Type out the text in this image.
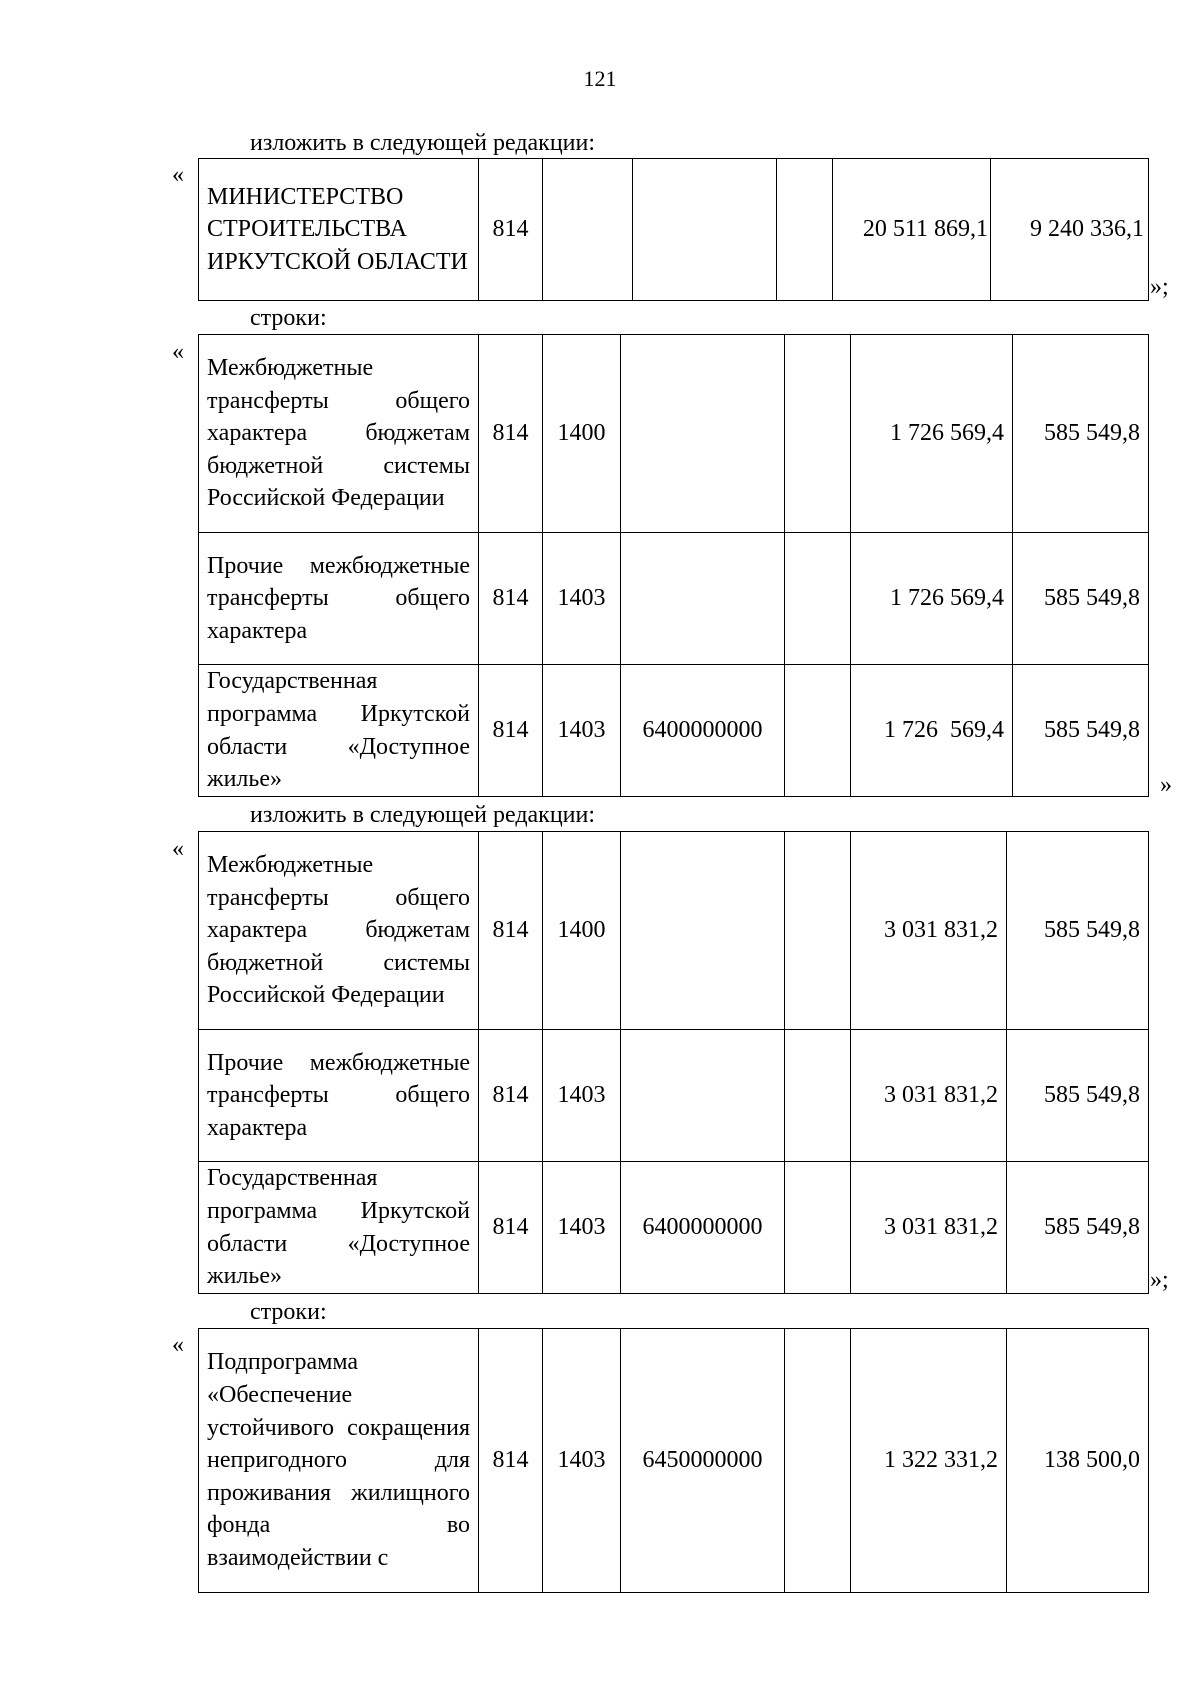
121
изложить в следующей редакции:
«
МИНИСТЕРСТВО СТРОИТЕЛЬСТВА ИРКУТСКОЙ ОБЛАСТИ	814				20 511 869,1	9 240 336,1
»;
строки:
«
Межбюджетные трансферты общего характера бюджетам бюджетной системы Российской Федерации	814	1400			1 726 569,4	585 549,8
Прочие межбюджетные трансферты общего характера	814	1403			1 726 569,4	585 549,8
Государственная программа Иркутской области «Доступное жилье»	814	1403	6400000000		1 726  569,4	585 549,8
»
изложить в следующей редакции:
«
Межбюджетные трансферты общего характера бюджетам бюджетной системы Российской Федерации	814	1400			3 031 831,2	585 549,8
Прочие межбюджетные трансферты общего характера	814	1403			3 031 831,2	585 549,8
Государственная программа Иркутской области «Доступное жилье»	814	1403	6400000000		3 031 831,2	585 549,8
»;
строки:
«
Подпрограмма «Обеспечение устойчивого сокращения непригодного для проживания жилищного фонда во взаимодействии с	814	1403	6450000000		1 322 331,2	138 500,0
